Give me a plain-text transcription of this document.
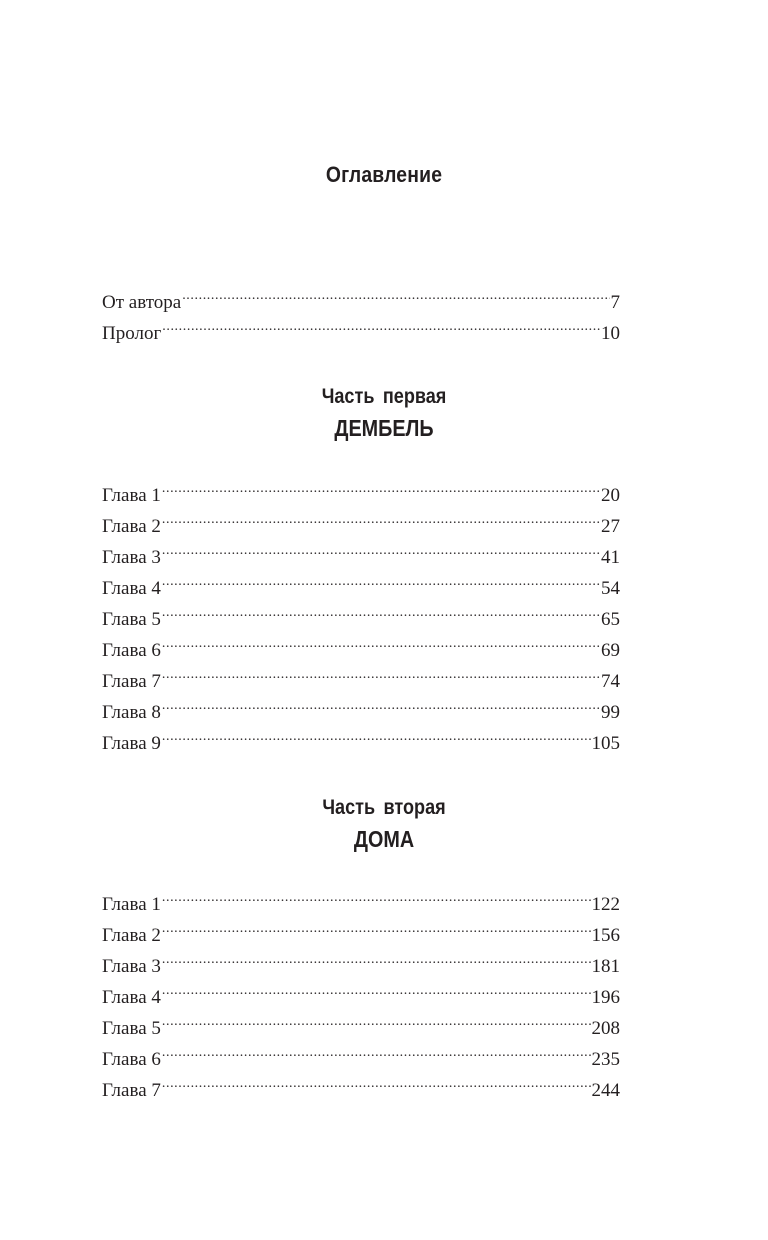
Оглавление
От автора .....	7
Пролог .....	10
Часть первая
ДЕМБЕЛЬ
Глава 1 .....	20
Глава 2 .....	27
Глава 3 .....	41
Глава 4 .....	54
Глава 5 .....	65
Глава 6 .....	69
Глава 7 .....	74
Глава 8 .....	99
Глава 9 .....	105
Часть вторая
ДОМА
Глава 1 .....	122
Глава 2 .....	156
Глава 3 .....	181
Глава 4 .....	196
Глава 5 .....	208
Глава 6 .....	235
Глава 7 .....	244
